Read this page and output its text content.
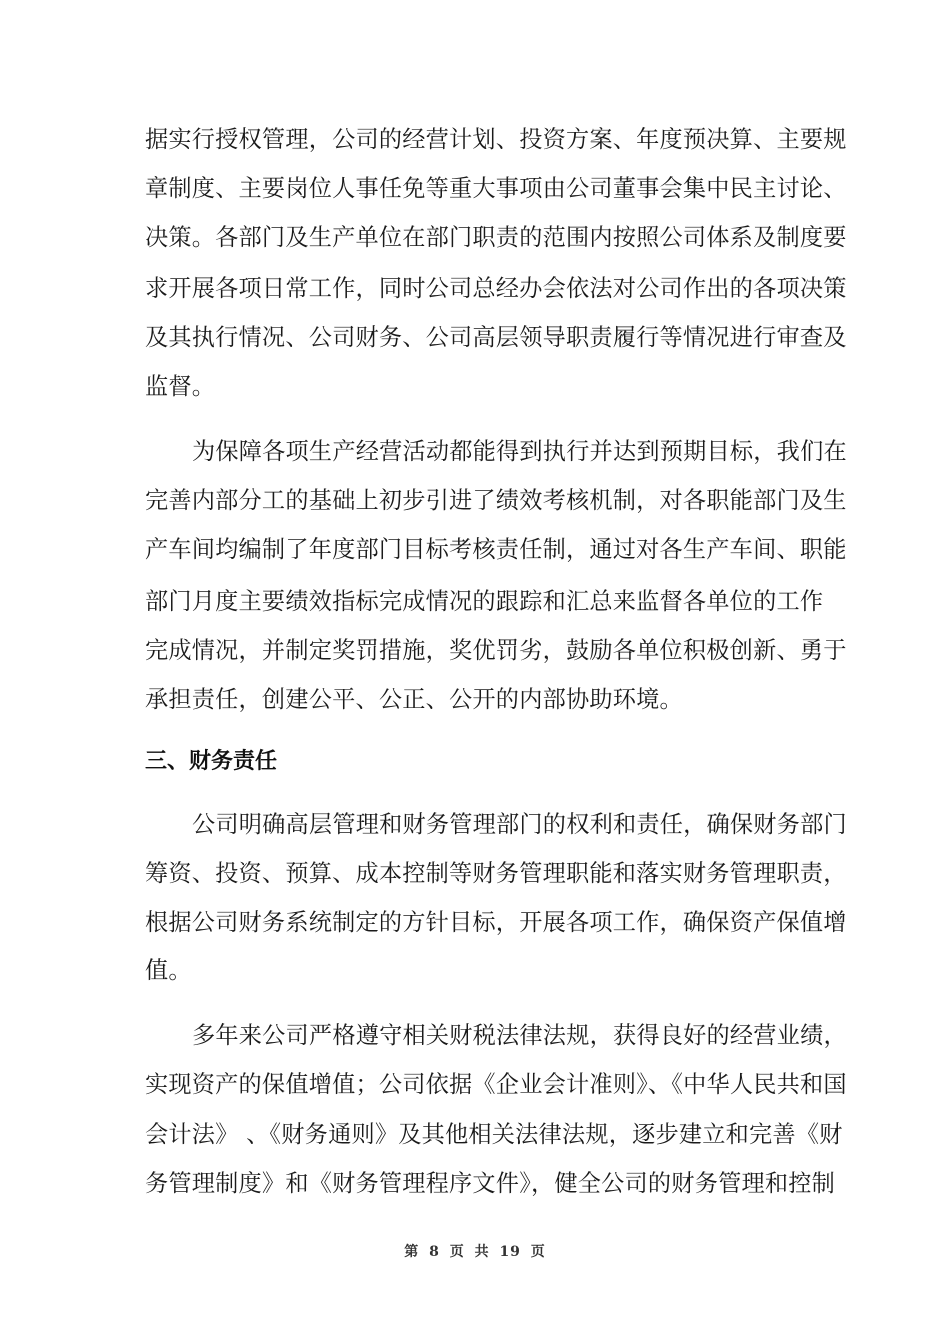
据实行授权管理，公司的经营计划、投资方案、年度预决算、主要规
章制度、主要岗位人事任免等重大事项由公司董事会集中民主讨论、
决策。各部门及生产单位在部门职责的范围内按照公司体系及制度要
求开展各项日常工作，同时公司总经办会依法对公司作出的各项决策
及其执行情况、公司财务、公司高层领导职责履行等情况进行审查及
监督。
为保障各项生产经营活动都能得到执行并达到预期目标，我们在
完善内部分工的基础上初步引进了绩效考核机制，对各职能部门及生
产车间均编制了年度部门目标考核责任制，通过对各生产车间、职能
部门月度主要绩效指标完成情况的跟踪和汇总来监督各单位的工作
完成情况，并制定奖罚措施，奖优罚劣，鼓励各单位积极创新、勇于
承担责任，创建公平、公正、公开的内部协助环境。
三、财务责任
公司明确高层管理和财务管理部门的权利和责任，确保财务部门
筹资、投资、预算、成本控制等财务管理职能和落实财务管理职责，
根据公司财务系统制定的方针目标，开展各项工作，确保资产保值增
值。
多年来公司严格遵守相关财税法律法规，获得良好的经营业绩，
实现资产的保值增值；公司依据《企业会计准则》、《中华人民共和国
会计法》 、《财务通则》及其他相关法律法规，逐步建立和完善《财
务管理制度》和《财务管理程序文件》，健全公司的财务管理和控制
第 8 页 共 19 页
